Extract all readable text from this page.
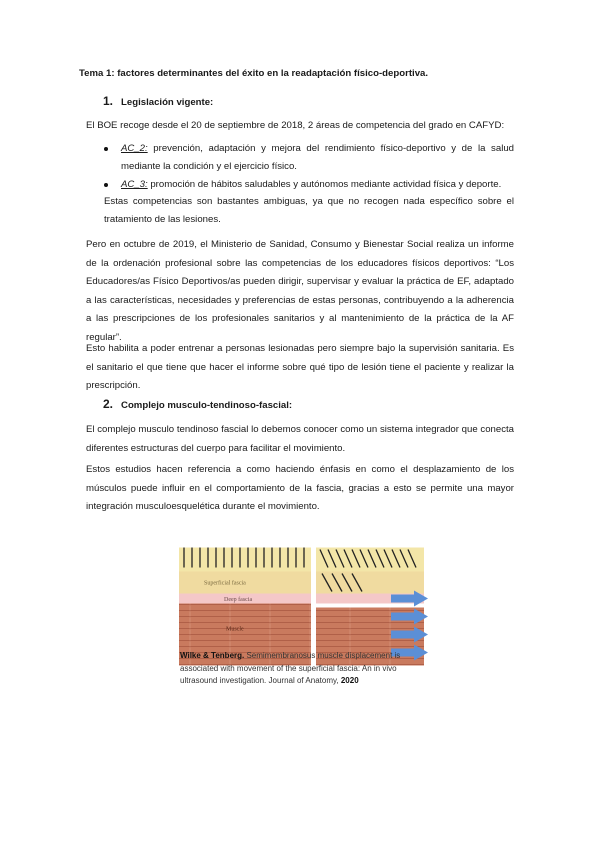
Tema 1: factores determinantes del éxito en la readaptación físico-deportiva.
1. Legislación vigente:

El BOE recoge desde el 20 de septiembre de 2018, 2 áreas de competencia del grado en CAFYD:

AC_2: prevención, adaptación y mejora del rendimiento físico-deportivo y de la salud mediante la condición y el ejercicio físico.

AC_3: promoción de hábitos saludables y autónomos mediante actividad física y deporte.

Estas competencias son bastantes ambiguas, ya que no recogen nada específico sobre el tratamiento de las lesiones.

Pero en octubre de 2019, el Ministerio de Sanidad, Consumo y Bienestar Social realiza un informe de la ordenación profesional sobre las competencias de los educadores físicos deportivos: “Los Educadores/as Físico Deportivos/as pueden dirigir, supervisar y evaluar la práctica de EF, adaptado a las características, necesidades y preferencias de estas personas, contribuyendo a la adherencia a las prescripciones de los profesionales sanitarios y al mantenimiento de la práctica de la AF regular”.

Esto habilita a poder entrenar a personas lesionadas pero siempre bajo la supervisión sanitaria. Es el sanitario el que tiene que hacer el informe sobre qué tipo de lesión tiene el paciente y realizar la prescripción.

2. Complejo musculo-tendinoso-fascial:

El complejo musculo tendinoso fascial lo debemos conocer como un sistema integrador que conecta diferentes estructuras del cuerpo para facilitar el movimiento.

Estos estudios hacen referencia a como haciendo énfasis en como el desplazamiento de los músculos puede influir en el comportamiento de la fascia, gracias a esto se permite una mayor integración musculoesquelética durante el movimiento.

Superficial fascia
Deep fascia
Muscle
Wilke & Tenberg. Semimembranosus muscle displacement is associated with movement of the superficial fascia: An in vivo ultrasound investigation. Journal of Anatomy, 2020
